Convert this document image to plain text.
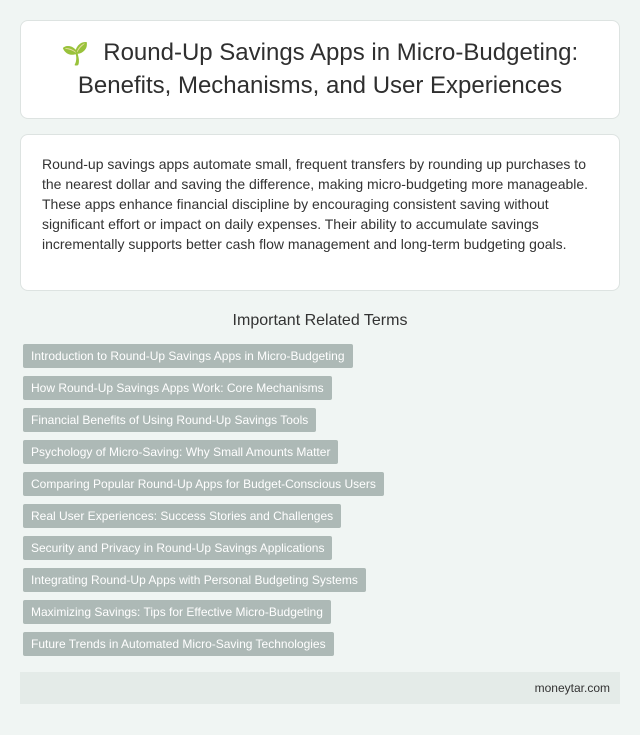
🌱 Round-Up Savings Apps in Micro-Budgeting: Benefits, Mechanisms, and User Experiences

Round-up savings apps automate small, frequent transfers by rounding up purchases to the nearest dollar and saving the difference, making micro-budgeting more manageable. These apps enhance financial discipline by encouraging consistent saving without significant effort or impact on daily expenses. Their ability to accumulate savings incrementally supports better cash flow management and long-term budgeting goals.

Important Related Terms
Introduction to Round-Up Savings Apps in Micro-Budgeting
How Round-Up Savings Apps Work: Core Mechanisms
Financial Benefits of Using Round-Up Savings Tools
Psychology of Micro-Saving: Why Small Amounts Matter
Comparing Popular Round-Up Apps for Budget-Conscious Users
Real User Experiences: Success Stories and Challenges
Security and Privacy in Round-Up Savings Applications
Integrating Round-Up Apps with Personal Budgeting Systems
Maximizing Savings: Tips for Effective Micro-Budgeting
Future Trends in Automated Micro-Saving Technologies
moneytar.com
